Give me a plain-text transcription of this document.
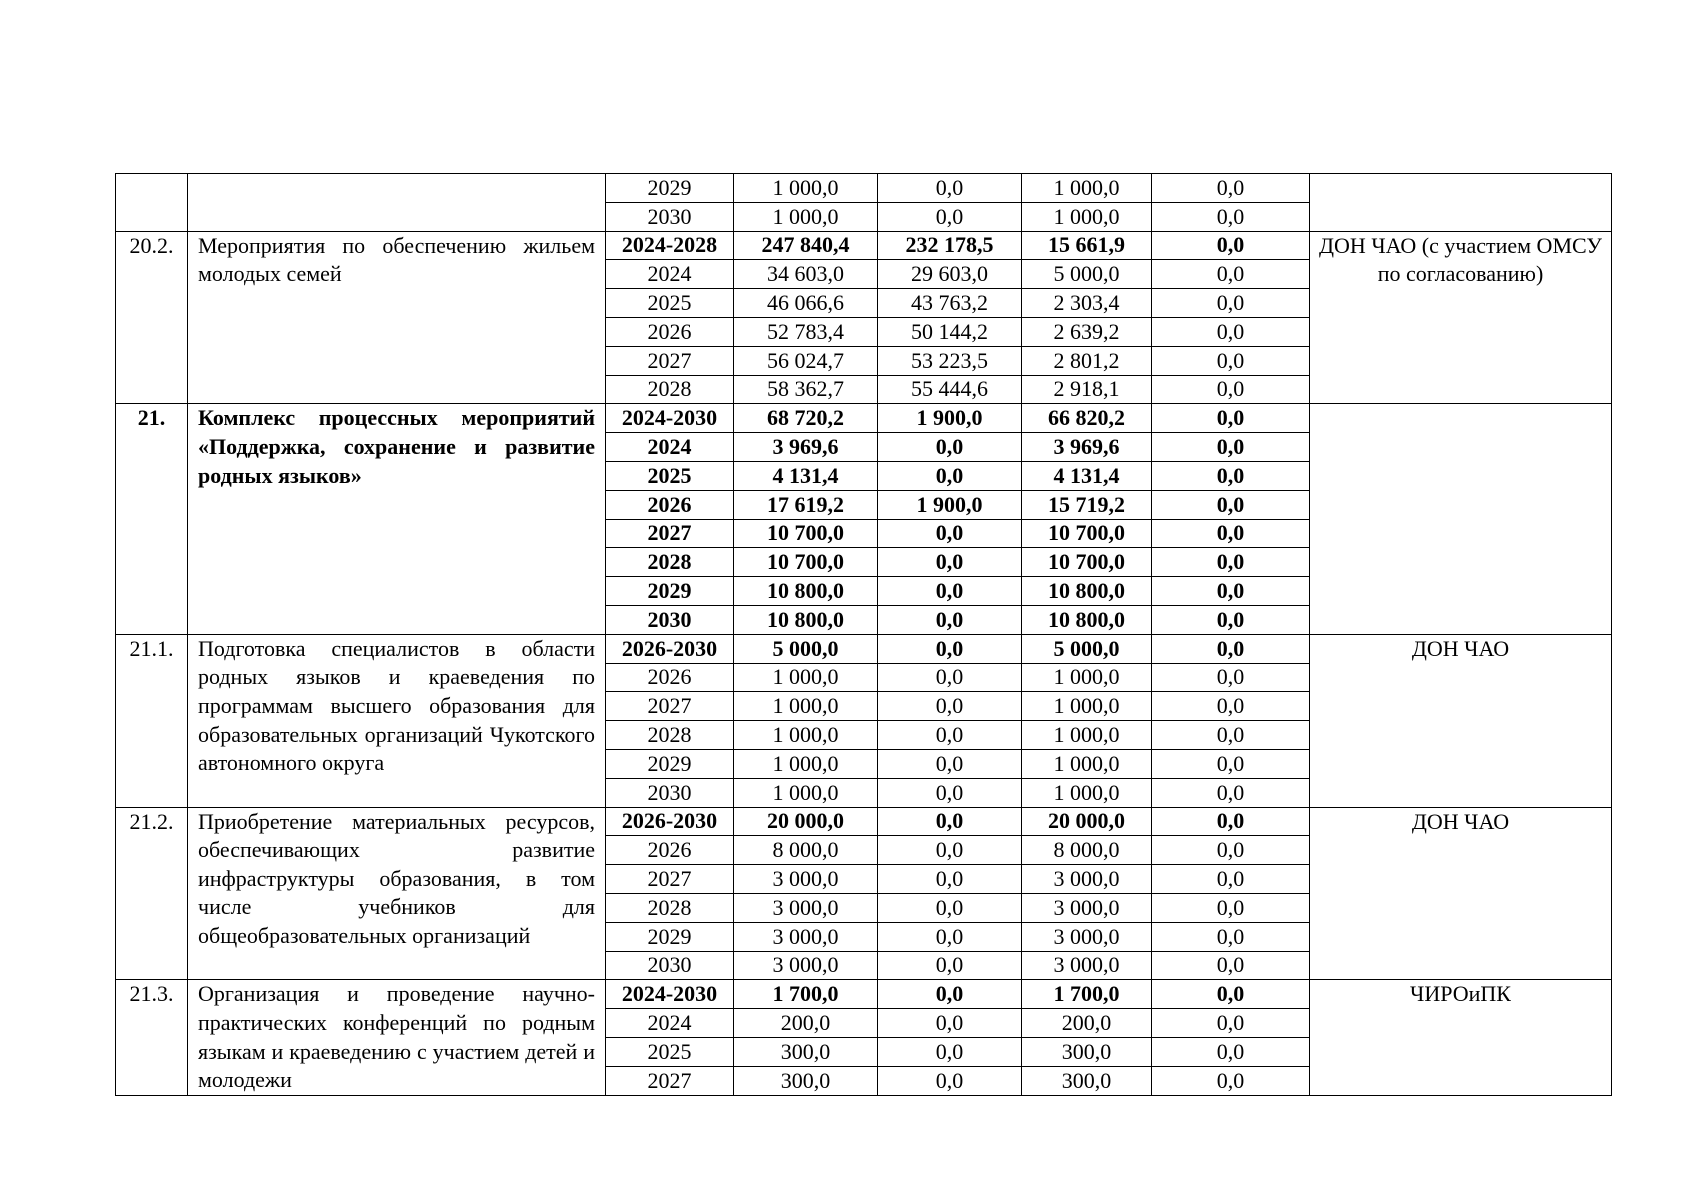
		2029	1 000,0	0,0	1 000,0	0,0	
		2030	1 000,0	0,0	1 000,0	0,0	
20.2.	Мероприятия по обеспечению жильем молодых семей	2024-2028	247 840,4	232 178,5	15 661,9	0,0	ДОН ЧАО (с участием ОМСУ по согласованию)
		2024	34 603,0	29 603,0	5 000,0	0,0	
		2025	46 066,6	43 763,2	2 303,4	0,0	
		2026	52 783,4	50 144,2	2 639,2	0,0	
		2027	56 024,7	53 223,5	2 801,2	0,0	
		2028	58 362,7	55 444,6	2 918,1	0,0	
21.	Комплекс процессных мероприятий «Поддержка, сохранение и развитие родных языков»	2024-2030	68 720,2	1 900,0	66 820,2	0,0	
		2024	3 969,6	0,0	3 969,6	0,0	
		2025	4 131,4	0,0	4 131,4	0,0	
		2026	17 619,2	1 900,0	15 719,2	0,0	
		2027	10 700,0	0,0	10 700,0	0,0	
		2028	10 700,0	0,0	10 700,0	0,0	
		2029	10 800,0	0,0	10 800,0	0,0	
		2030	10 800,0	0,0	10 800,0	0,0	
21.1.	Подготовка специалистов в области родных языков и краеведения по программам высшего образования для образовательных организаций Чукотского автономного округа	2026-2030	5 000,0	0,0	5 000,0	0,0	ДОН ЧАО
		2026	1 000,0	0,0	1 000,0	0,0	
		2027	1 000,0	0,0	1 000,0	0,0	
		2028	1 000,0	0,0	1 000,0	0,0	
		2029	1 000,0	0,0	1 000,0	0,0	
		2030	1 000,0	0,0	1 000,0	0,0	
21.2.	Приобретение материальных ресурсов, обеспечивающих развитие инфраструктуры образования, в том числе учебников для общеобразовательных организаций	2026-2030	20 000,0	0,0	20 000,0	0,0	ДОН ЧАО
		2026	8 000,0	0,0	8 000,0	0,0	
		2027	3 000,0	0,0	3 000,0	0,0	
		2028	3 000,0	0,0	3 000,0	0,0	
		2029	3 000,0	0,0	3 000,0	0,0	
		2030	3 000,0	0,0	3 000,0	0,0	
21.3.	Организация и проведение научно-практических конференций по родным языкам и краеведению с участием детей и молодежи	2024-2030	1 700,0	0,0	1 700,0	0,0	ЧИРОиПК
		2024	200,0	0,0	200,0	0,0	
		2025	300,0	0,0	300,0	0,0	
		2027	300,0	0,0	300,0	0,0	
